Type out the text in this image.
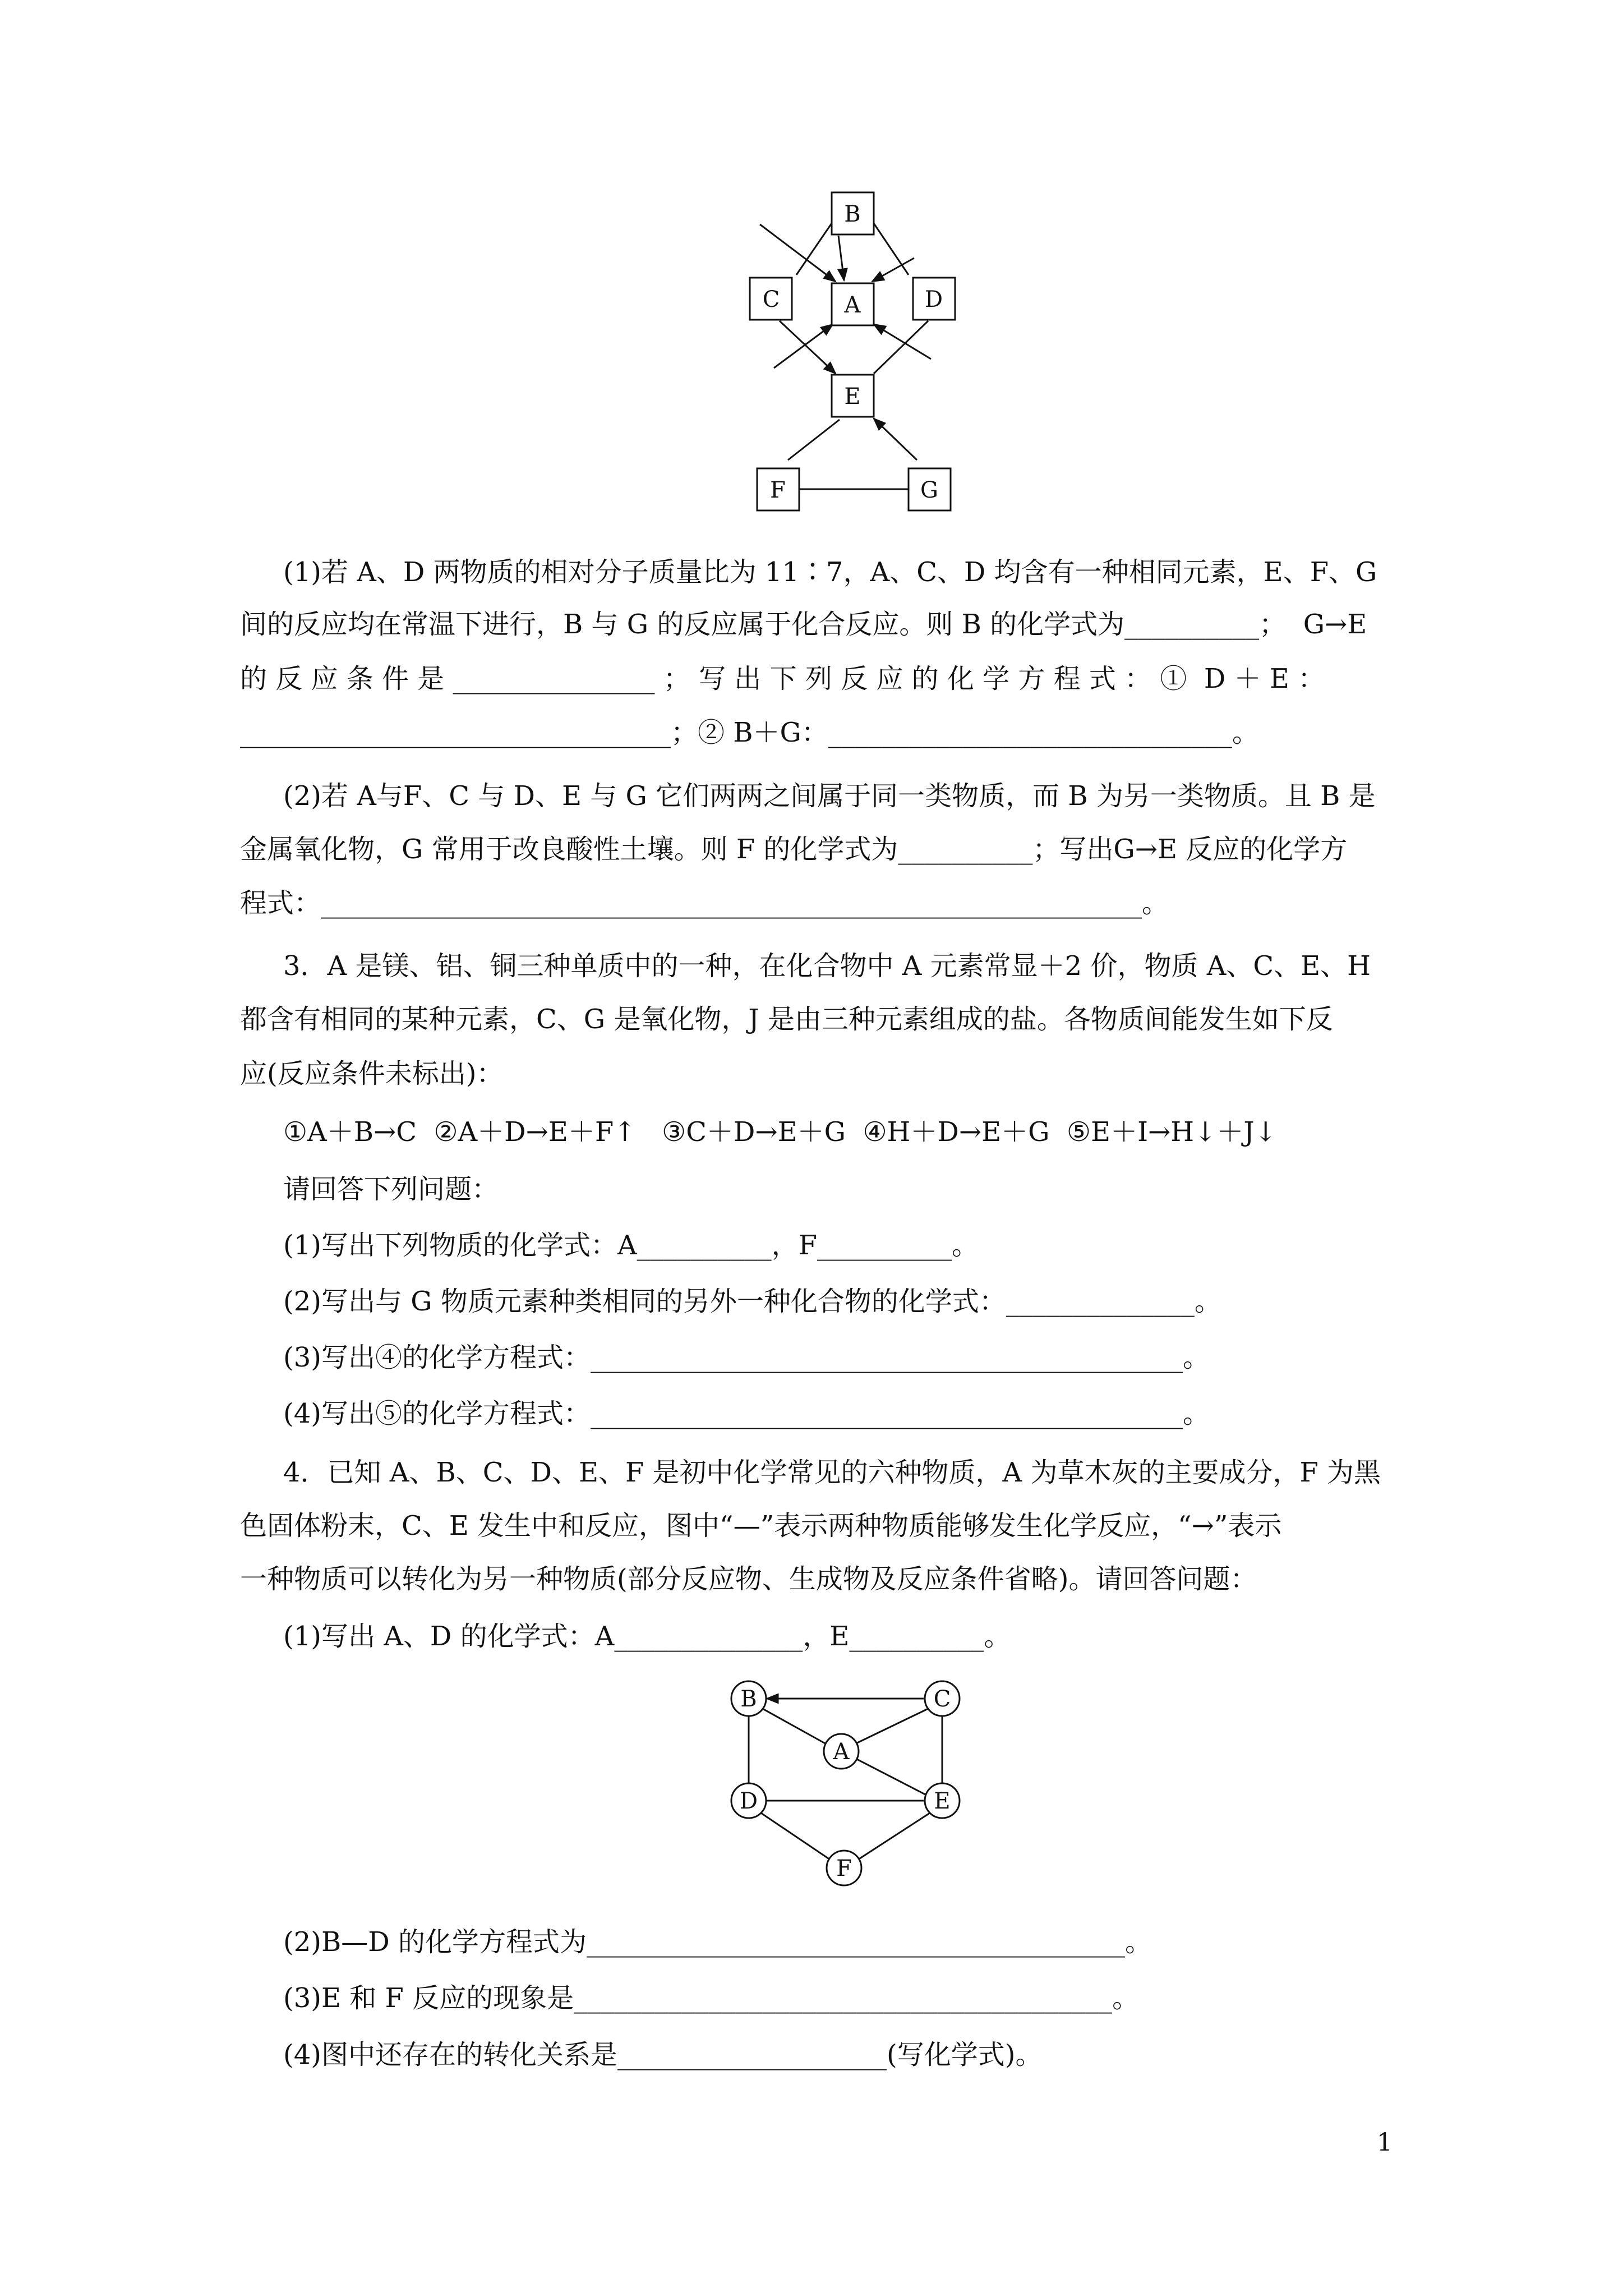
B
C	A	D
E
F	G
(1)若 A、D 两物质的相对分子质量比为 11∶7，A、C、D 均含有一种相同元素，E、F、G
间的反应均在常温下进行，B 与 G 的反应属于化合反应。则 B 的化学式为__________；  G→E
的 反 应 条 件 是 _______________ ； 写 出 下 列 反 应 的 化 学 方 程 式 ： ①  D ＋ E ：
________________________________；② B＋G：______________________________。
(2)若 A与F、C 与 D、E 与 G 它们两两之间属于同一类物质，而 B 为另一类物质。且 B 是
金属氧化物，G 常用于改良酸性土壤。则 F 的化学式为__________；写出G→E 反应的化学方
程式：_____________________________________________________________。
3．A 是镁、铝、铜三种单质中的一种，在化合物中 A 元素常显＋2 价，物质 A、C、E、H
都含有相同的某种元素，C、G 是氧化物，J 是由三种元素组成的盐。各物质间能发生如下反
应(反应条件未标出)：
①A＋B→C  ②A＋D→E＋F↑   ③C＋D→E＋G  ④H＋D→E＋G  ⑤E＋I→H↓＋J↓
请回答下列问题：
(1)写出下列物质的化学式：A__________，F__________。
(2)写出与 G 物质元素种类相同的另外一种化合物的化学式：______________。
(3)写出④的化学方程式：____________________________________________。
(4)写出⑤的化学方程式：____________________________________________。
4．已知 A、B、C、D、E、F 是初中化学常见的六种物质，A 为草木灰的主要成分，F 为黑
色固体粉末，C、E 发生中和反应，图中“—”表示两种物质能够发生化学反应，“→”表示
一种物质可以转化为另一种物质(部分反应物、生成物及反应条件省略)。请回答问题：
(1)写出 A、D 的化学式：A______________，E__________。
B	C
A
D	E
F
(2)B—D 的化学方程式为________________________________________。
(3)E 和 F 反应的现象是________________________________________。
(4)图中还存在的转化关系是____________________(写化学式)。
1
